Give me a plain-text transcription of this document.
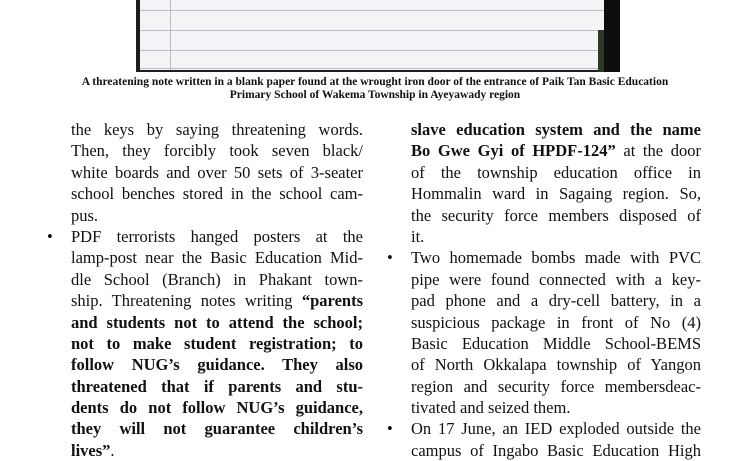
A threatening note written in a blank paper found at the wrought iron door of the entrance of Paik Tan Basic Education
Primary School of Wakema Township in Ayeyawady region
the keys by saying threatening words.
Then, they forcibly took seven black/
white boards and over 50 sets of 3-seater
school benches stored in the school cam-
pus.
•	PDF terrorists hanged posters at the
lamp-post near the Basic Education Mid-
dle School (Branch) in Phakant town-
ship. Threatening notes writing “parents
and students not to attend the school;
not to make student registration; to
follow NUG’s guidance. They also
threatened that if parents and stu-
dents do not follow NUG’s guidance,
they will not guarantee children’s
lives”.
slave education system and the name
Bo Gwe Gyi of HPDF-124” at the door
of the township education office in
Hommalin ward in Sagaing region. So,
the security force members disposed of
it.
•	Two homemade bombs made with PVC
pipe were found connected with a key-
pad phone and a dry-cell battery, in a
suspicious package in front of No (4)
Basic Education Middle School-BEMS
of North Okkalapa township of Yangon
region and security force membersdeac-
tivated and seized them.
•	On 17 June, an IED exploded outside the
campus of Ingabo Basic Education High
